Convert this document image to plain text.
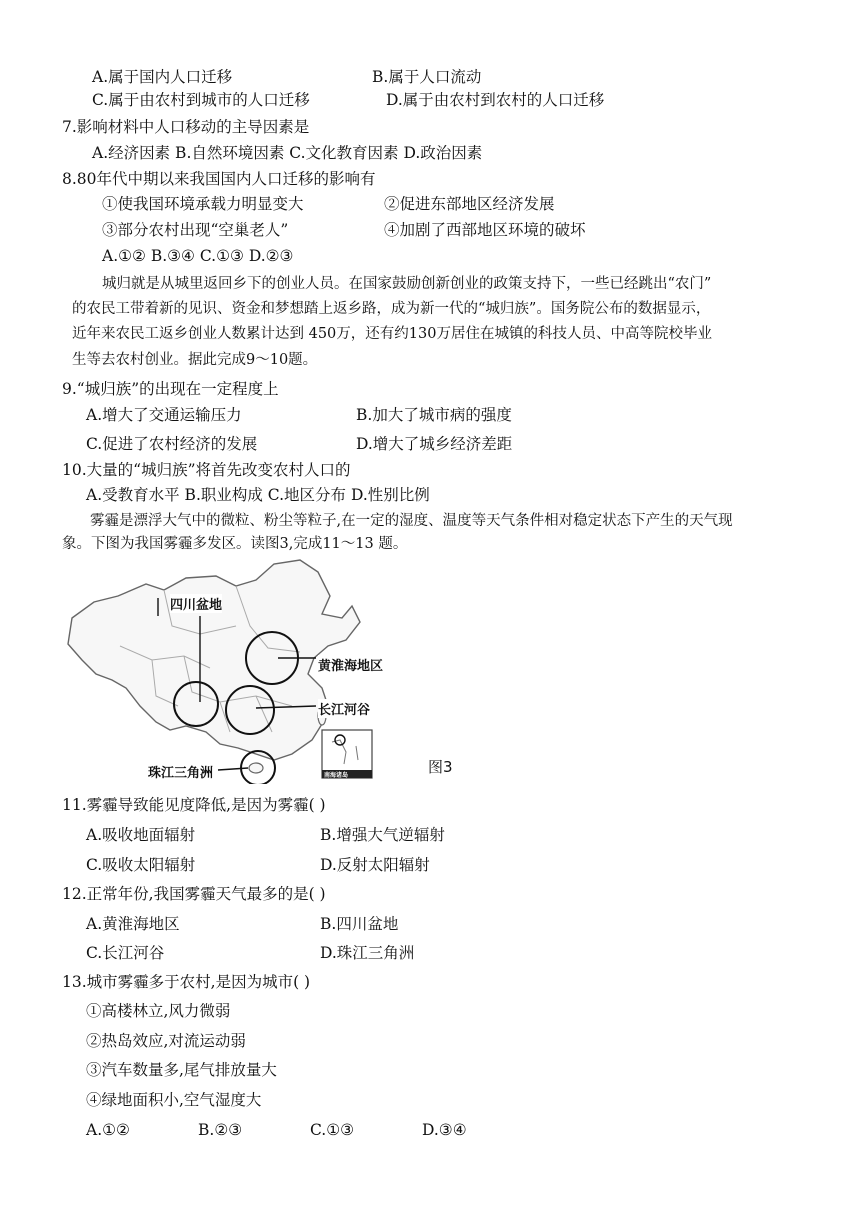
A.属于国内人口迁移	B.属于人口流动
C.属于由农村到城市的人口迁移	D.属于由农村到农村的人口迁移
7.影响材料中人口移动的主导因素是
A.经济因素 B.自然环境因素 C.文化教育因素 D.政治因素
8.80年代中期以来我国国内人口迁移的影响有
①使我国环境承载力明显变大	②促进东部地区经济发展
③部分农村出现“空巢老人”	④加剧了西部地区环境的破坏
A.①② B.③④ C.①③ D.②③
城归就是从城里返回乡下的创业人员。在国家鼓励创新创业的政策支持下，一些已经跳出“农门”
的农民工带着新的见识、资金和梦想踏上返乡路，成为新一代的“城归族”。国务院公布的数据显示，
近年来农民工返乡创业人数累计达到 450万，还有约130万居住在城镇的科技人员、中高等院校毕业
生等去农村创业。据此完成9～10题。
9.“城归族”的出现在一定程度上
A.增大了交通运输压力	B.加大了城市病的强度
C.促进了农村经济的发展	D.增大了城乡经济差距
10.大量的“城归族”将首先改变农村人口的
A.受教育水平 B.职业构成 C.地区分布 D.性别比例
雾霾是漂浮大气中的微粒、粉尘等粒子,在一定的湿度、温度等天气条件相对稳定状态下产生的天气现
象。下图为我国雾霾多发区。读图3,完成11～13 题。
四川盆地
黄淮海地区
长江河谷
珠江三角洲	南海诸岛	图3
11.雾霾导致能见度降低,是因为雾霾( )
A.吸收地面辐射	B.增强大气逆辐射
C.吸收太阳辐射	D.反射太阳辐射
12.正常年份,我国雾霾天气最多的是( )
A.黄淮海地区	B.四川盆地
C.长江河谷	D.珠江三角洲
13.城市雾霾多于农村,是因为城市( )
①高楼林立,风力微弱
②热岛效应,对流运动弱
③汽车数量多,尾气排放量大
④绿地面积小,空气湿度大
A.①②	B.②③	C.①③	D.③④
